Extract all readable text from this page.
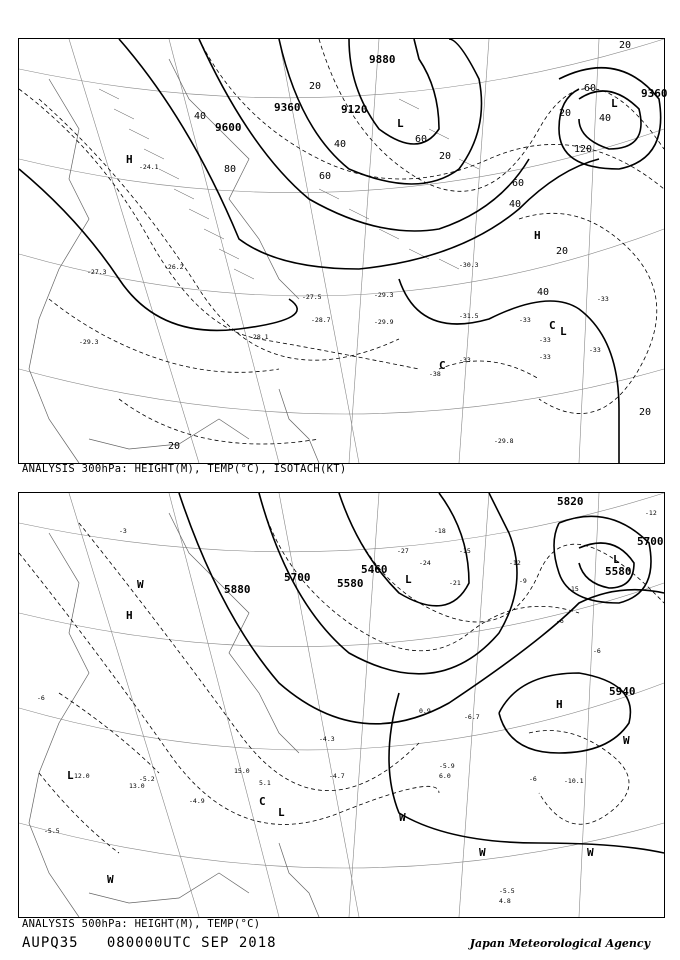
9360
9600
9120
9880
9360
20
40
60
80
120
40
60
40
20
20
60
40
20
40
20
20
60
20
-27.3
-30.3
-31.5
-29.8
-28.7	-29.9
-29.3
-28.1
-27.5
-29.3
-26.2
-24.1
-38
-33
-33
-33
-33
-33
-33
H
H
L
L
L
C
C
ANALYSIS 300hPa: HEIGHT(M), TEMP(°C), ISOTACH(KT)
5700
5880	5580
5460
5820
5700
5580
5940
-3
-6
-12
-15
-6
-6
-6
-9
-12
-15
-18
-21
-24
-27
-5.5
-5.9
-4.7
-10.1
-5.5
-4.9
6.0
12.0
13.0
15.0
5.1
4.8
-4.3
-5.2
0.9
-6.7
H
H
L
L
L
L
C
W
W
W	W
W
W
ANALYSIS 500hPa: HEIGHT(M), TEMP(°C)
AUPQ35   080000UTC SEP 2018	Japan Meteorological Agency
